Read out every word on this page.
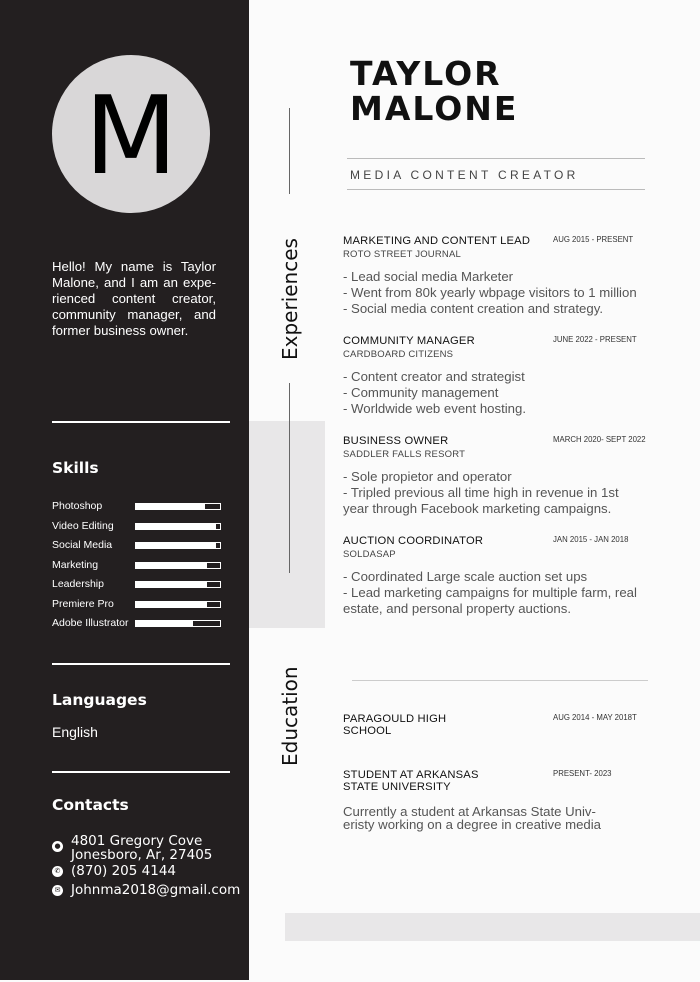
M
Hello! My name is Taylor Malone, and I am an expe-rienced content creator, community manager, and former business owner.
Skills
Photoshop
Video Editing
Social Media
Marketing
Leadership
Premiere Pro
Adobe Illustrator
Languages
English
Contacts
● 4801 Gregory Cove
Jonesboro, Ar, 27405
✆ (870) 205 4144
✉ Johnma2018@gmail.com
Experiences
Education
TAYLOR
MALONE
MEDIA CONTENT CREATOR
MARKETING AND CONTENT LEAD
ROTO STREET JOURNAL
AUG 2015 - PRESENT
- Lead social media Marketer
- Went from 80k yearly wbpage visitors to 1 million
- Social media content creation and strategy.
COMMUNITY MANAGER
CARDBOARD CITIZENS
JUNE 2022 - PRESENT
- Content creator and strategist
- Community management
- Worldwide web event hosting.
BUSINESS OWNER
SADDLER FALLS RESORT
MARCH 2020- SEPT 2022
- Sole propietor and operator
- Tripled previous all time high in revenue in 1st
year through Facebook marketing campaigns.
AUCTION COORDINATOR
SOLDASAP
JAN 2015 - JAN 2018
- Coordinated Large scale auction set ups
- Lead marketing campaigns for multiple farm, real
estate, and personal property auctions.
PARAGOULD HIGH
SCHOOL
AUG 2014 - MAY 2018T
STUDENT AT ARKANSAS
STATE UNIVERSITY
PRESENT- 2023
Currently a student at Arkansas State Univ-
eristy working on a degree in creative media
